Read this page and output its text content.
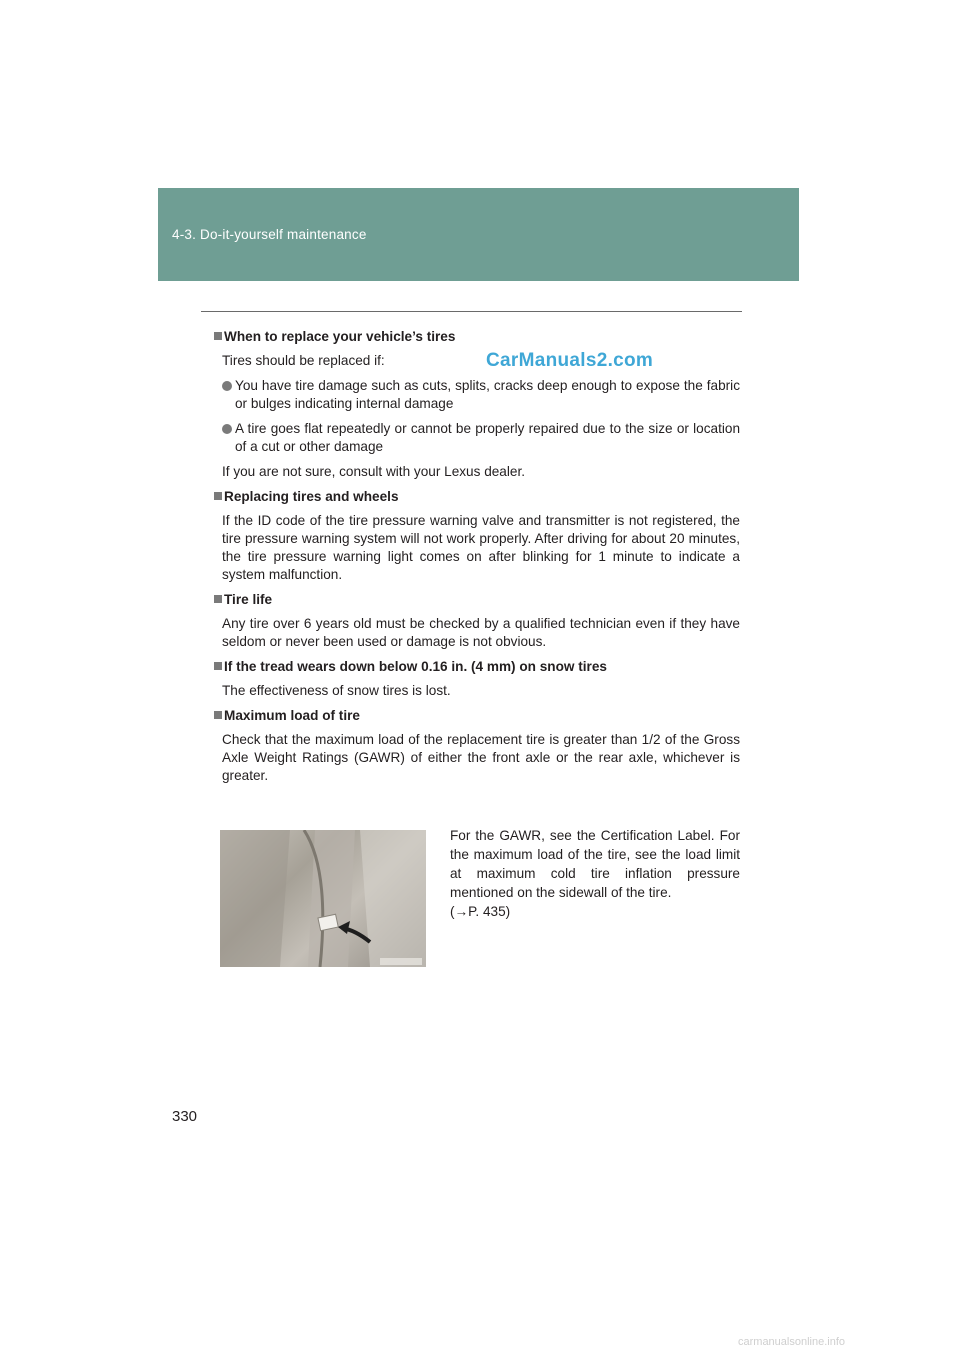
4-3. Do-it-yourself maintenance
CarManuals2.com
When to replace your vehicle’s tires
Tires should be replaced if:
You have tire damage such as cuts, splits, cracks deep enough to expose the fabric or bulges indicating internal damage
A tire goes flat repeatedly or cannot be properly repaired due to the size or location of a cut or other damage
If you are not sure, consult with your Lexus dealer.
Replacing tires and wheels
If the ID code of the tire pressure warning valve and transmitter is not registered, the tire pressure warning system will not work properly. After driving for about 20 minutes, the tire pressure warning light comes on after blinking for 1 minute to indicate a system malfunction.
Tire life
Any tire over 6 years old must be checked by a qualified technician even if they have seldom or never been used or damage is not obvious.
If the tread wears down below 0.16 in. (4 mm) on snow tires
The effectiveness of snow tires is lost.
Maximum load of tire
Check that the maximum load of the replacement tire is greater than 1/2 of the Gross Axle Weight Ratings (GAWR) of either the front axle or the rear axle, whichever is greater.
For the GAWR, see the Certification Label. For the maximum load of the tire, see the load limit at maximum cold tire inflation pressure mentioned on the sidewall of the tire.
(→P. 435)
330
carmanualsonline.info
